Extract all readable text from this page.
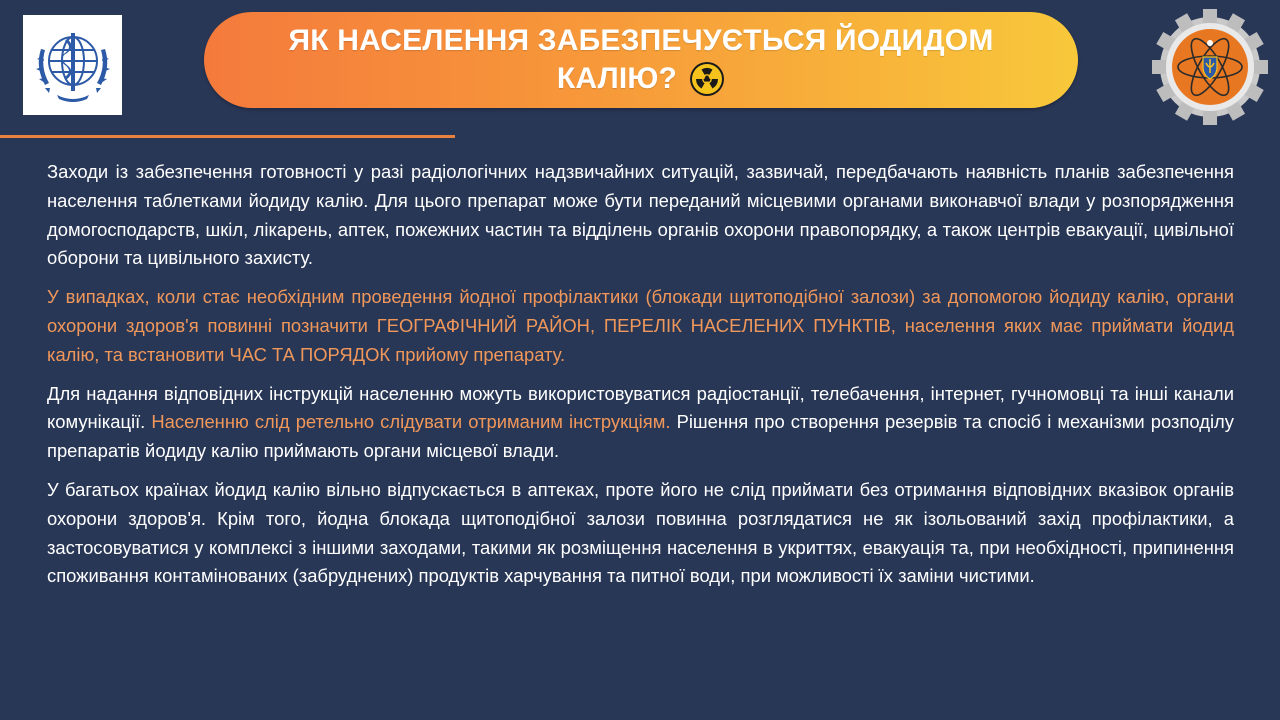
ЯК НАСЕЛЕННЯ ЗАБЕЗПЕЧУЄТЬСЯ ЙОДИДОМ
КАЛІЮ?

Заходи із забезпечення готовності у разі радіологічних надзвичайних ситуацій, зазвичай, передбачають наявність планів забезпечення населення таблетками йодиду калію. Для цього препарат може бути переданий місцевими органами виконавчої влади у розпорядження домогосподарств, шкіл, лікарень, аптек, пожежних частин та відділень органів охорони правопорядку, а також центрів евакуації, цивільної оборони та цивільного захисту.

У випадках, коли стає необхідним проведення йодної профілактики (блокади щитоподібної залози) за допомогою йодиду калію, органи охорони здоров'я повинні позначити ГЕОГРАФІЧНИЙ РАЙОН, ПЕРЕЛІК НАСЕЛЕНИХ ПУНКТІВ, населення яких має приймати йодид калію, та встановити ЧАС ТА ПОРЯДОК прийому препарату.

Для надання відповідних інструкцій населенню можуть використовуватися радіостанції, телебачення, інтернет, гучномовці та інші канали комунікації. Населенню слід ретельно слідувати отриманим інструкціям. Рішення про створення резервів та спосіб і механізми розподілу препаратів йодиду калію приймають органи місцевої влади.

У багатьох країнах йодид калію вільно відпускається в аптеках, проте його не слід приймати без отримання відповідних вказівок органів охорони здоров'я. Крім того, йодна блокада щитоподібної залози повинна розглядатися не як ізольований захід профілактики, а застосовуватися у комплексі з іншими заходами, такими як розміщення населення в укриттях, евакуація та, при необхідності, припинення споживання контамінованих (забруднених) продуктів харчування та питної води, при можливості їх заміни чистими.
